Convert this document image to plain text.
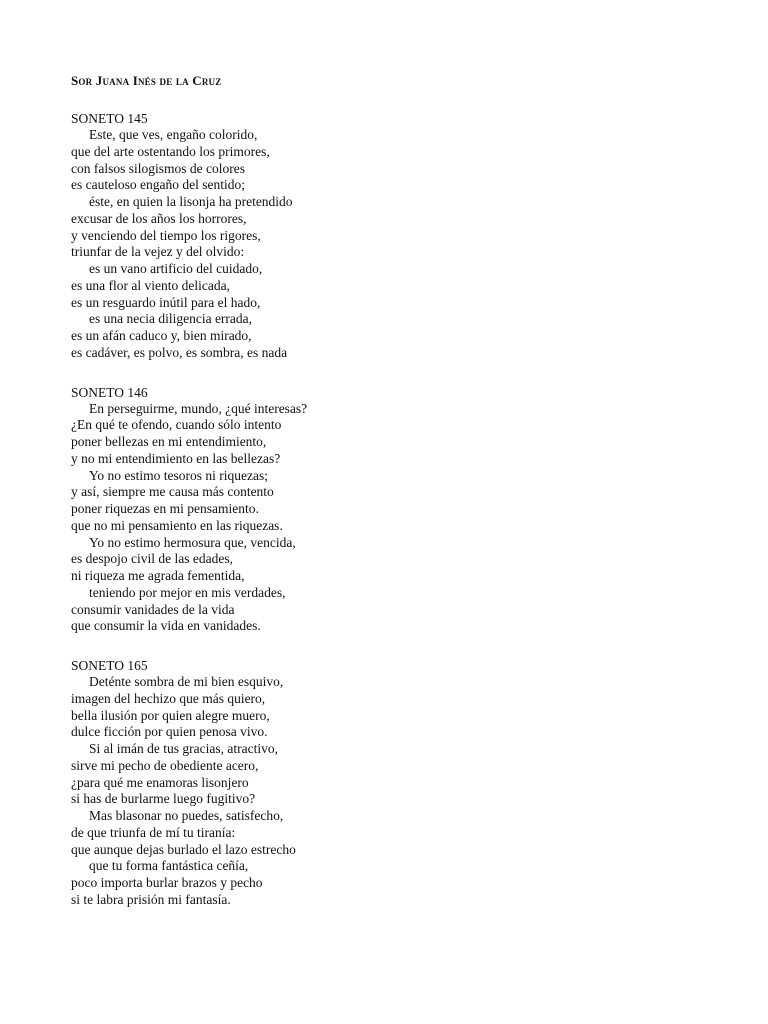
Sor Juana Inés de la Cruz
SONETO 145
Este, que ves, engaño colorido,
que del arte ostentando los primores,
con falsos silogismos de colores
es cauteloso engaño del sentido;
éste, en quien la lisonja ha pretendido
excusar de los años los horrores,
y venciendo del tiempo los rigores,
triunfar de la vejez y del olvido:
es un vano artificio del cuidado,
es una flor al viento delicada,
es un resguardo inútil para el hado,
es una necia diligencia errada,
es un afán caduco y, bien mirado,
es cadáver, es polvo, es sombra, es nada
SONETO 146
En perseguirme, mundo, ¿qué interesas?
¿En qué te ofendo, cuando sólo intento
poner bellezas en mi entendimiento,
y no mi entendimiento en las bellezas?
Yo no estimo tesoros ni riquezas;
y así, siempre me causa más contento
poner riquezas en mi pensamiento.
que no mi pensamiento en las riquezas.
Yo no estimo hermosura que, vencida,
es despojo civil de las edades,
ni riqueza me agrada fementida,
teniendo por mejor en mis verdades,
consumir vanidades de la vida
que consumir la vida en vanidades.
SONETO 165
Deténte sombra de mi bien esquivo,
imagen del hechizo que más quiero,
bella ilusión por quien alegre muero,
dulce ficción por quien penosa vivo.
Si al imán de tus gracias, atractivo,
sirve mi pecho de obediente acero,
¿para qué me enamoras lisonjero
si has de burlarme luego fugitivo?
Mas blasonar no puedes, satisfecho,
de que triunfa de mí tu tiranía:
que aunque dejas burlado el lazo estrecho
que tu forma fantástica ceñía,
poco importa burlar brazos y pecho
si te labra prisión mi fantasía.
